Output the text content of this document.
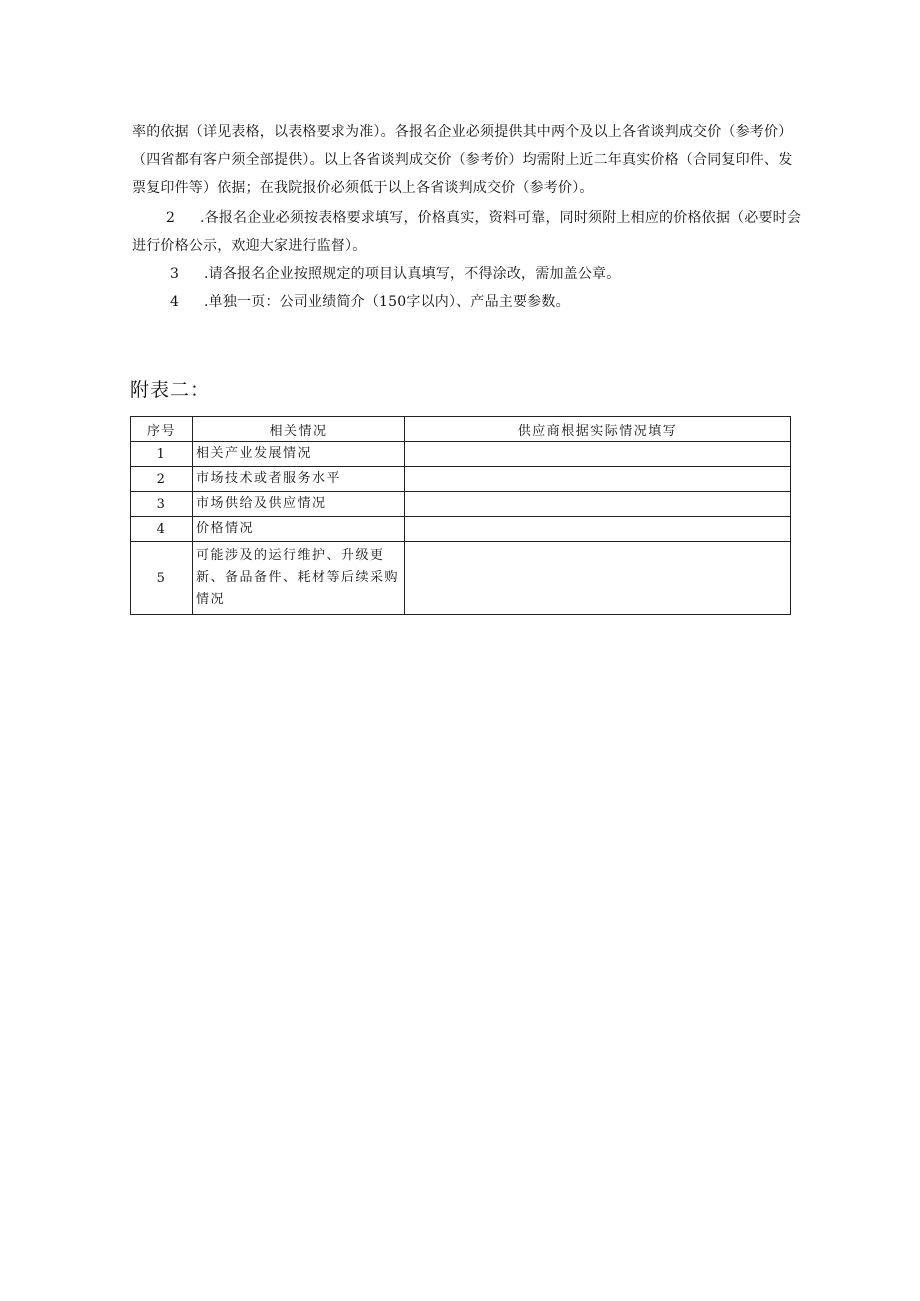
率的依据（详见表格，以表格要求为准）。各报名企业必须提供其中两个及以上各省谈判成交价（参考价）
（四省都有客户须全部提供）。以上各省谈判成交价（参考价）均需附上近二年真实价格（合同复印件、发
票复印件等）依据；在我院报价必须低于以上各省谈判成交价（参考价）。
2 .各报名企业必须按表格要求填写，价格真实，资料可靠，同时须附上相应的价格依据（必要时会
进行价格公示，欢迎大家进行监督）。
3 .请各报名企业按照规定的项目认真填写，不得涂改，需加盖公章。
4 .单独一页：公司业绩简介（150字以内）、产品主要参数。
附表二：
序号	相关情况	供应商根据实际情况填写
1	相关产业发展情况	
2	市场技术或者服务水平	
3	市场供给及供应情况	
4	价格情况	
5	可能涉及的运行维护、升级更新、备品备件、耗材等后续采购情况	
